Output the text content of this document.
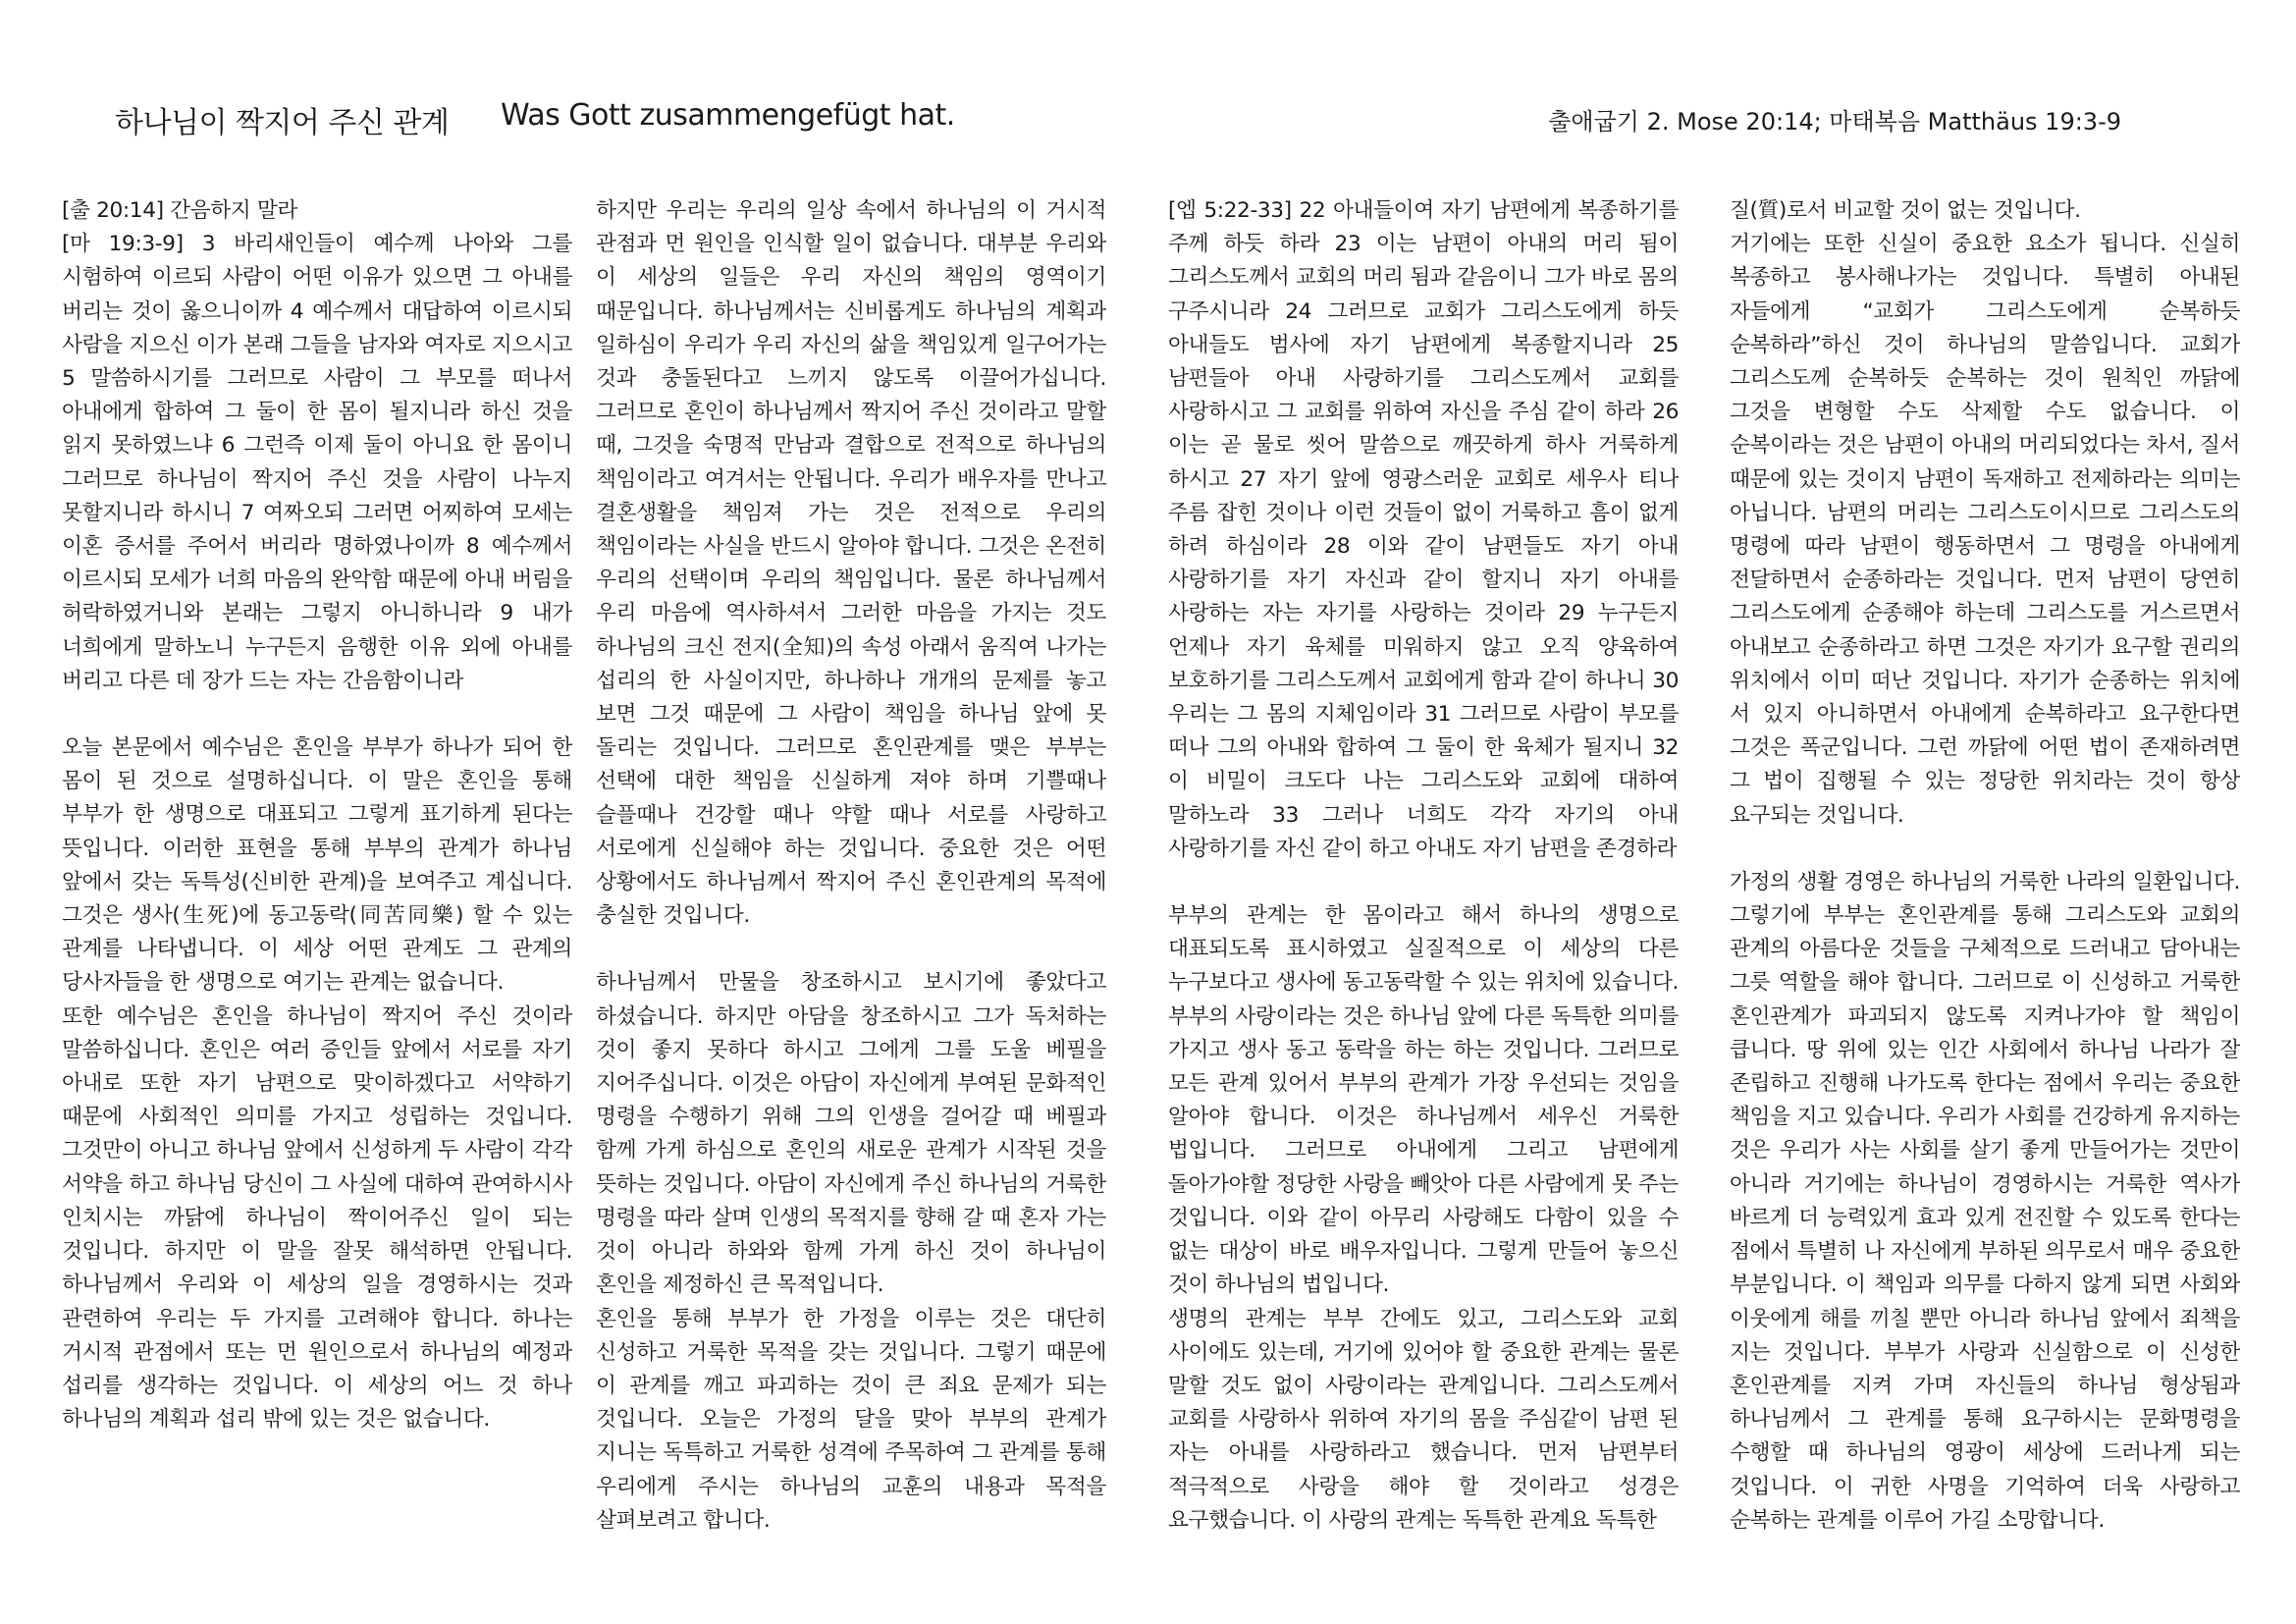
하나님이 짝지어 주신 관계 Was Gott zusammengefügt hat.	출애굽기 2. Mose 20:14; 마태복음 Matthäus 19:3-9

[출 20:14] 간음하지 말라

[마 19:3-9] 3 바리새인들이 예수께 나아와 그를 시험하여 이르되 사람이 어떤 이유가 있으면 그 아내를 버리는 것이 옳으니이까 4 예수께서 대답하여 이르시되 사람을 지으신 이가 본래 그들을 남자와 여자로 지으시고 5 말씀하시기를 그러므로 사람이 그 부모를 떠나서 아내에게 합하여 그 둘이 한 몸이 될지니라 하신 것을 읽지 못하였느냐 6 그런즉 이제 둘이 아니요 한 몸이니 그러므로 하나님이 짝지어 주신 것을 사람이 나누지 못할지니라 하시니 7 여짜오되 그러면 어찌하여 모세는 이혼 증서를 주어서 버리라 명하였나이까 8 예수께서 이르시되 모세가 너희 마음의 완악함 때문에 아내 버림을 허락하였거니와 본래는 그렇지 아니하니라 9 내가 너희에게 말하노니 누구든지 음행한 이유 외에 아내를 버리고 다른 데 장가 드는 자는 간음함이니라

오늘 본문에서 예수님은 혼인을 부부가 하나가 되어 한 몸이 된 것으로 설명하십니다. 이 말은 혼인을 통해 부부가 한 생명으로 대표되고 그렇게 표기하게 된다는 뜻입니다. 이러한 표현을 통해 부부의 관계가 하나님 앞에서 갖는 독특성(신비한 관계)을 보여주고 계십니다. 그것은 생사(生死)에 동고동락(同苦同樂) 할 수 있는 관계를 나타냅니다. 이 세상 어떤 관계도 그 관계의 당사자들을 한 생명으로 여기는 관계는 없습니다.

또한 예수님은 혼인을 하나님이 짝지어 주신 것이라 말씀하십니다. 혼인은 여러 증인들 앞에서 서로를 자기 아내로 또한 자기 남편으로 맞이하겠다고 서약하기 때문에 사회적인 의미를 가지고 성립하는 것입니다. 그것만이 아니고 하나님 앞에서 신성하게 두 사람이 각각 서약을 하고 하나님 당신이 그 사실에 대하여 관여하시사 인치시는 까닭에 하나님이 짝이어주신 일이 되는 것입니다. 하지만 이 말을 잘못 해석하면 안됩니다. 하나님께서 우리와 이 세상의 일을 경영하시는 것과 관련하여 우리는 두 가지를 고려해야 합니다. 하나는 거시적 관점에서 또는 먼 원인으로서 하나님의 예정과 섭리를 생각하는 것입니다. 이 세상의 어느 것 하나 하나님의 계획과 섭리 밖에 있는 것은 없습니다.

하지만 우리는 우리의 일상 속에서 하나님의 이 거시적 관점과 먼 원인을 인식할 일이 없습니다. 대부분 우리와 이 세상의 일들은 우리 자신의 책임의 영역이기 때문입니다. 하나님께서는 신비롭게도 하나님의 계획과 일하심이 우리가 우리 자신의 삶을 책임있게 일구어가는 것과 충돌된다고 느끼지 않도록 이끌어가십니다. 그러므로 혼인이 하나님께서 짝지어 주신 것이라고 말할 때, 그것을 숙명적 만남과 결합으로 전적으로 하나님의 책임이라고 여겨서는 안됩니다. 우리가 배우자를 만나고 결혼생활을 책임져 가는 것은 전적으로 우리의 책임이라는 사실을 반드시 알아야 합니다. 그것은 온전히 우리의 선택이며 우리의 책임입니다. 물론 하나님께서 우리 마음에 역사하셔서 그러한 마음을 가지는 것도 하나님의 크신 전지(全知)의 속성 아래서 움직여 나가는 섭리의 한 사실이지만, 하나하나 개개의 문제를 놓고 보면 그것 때문에 그 사람이 책임을 하나님 앞에 못 돌리는 것입니다. 그러므로 혼인관계를 맺은 부부는 선택에 대한 책임을 신실하게 져야 하며 기쁠때나 슬플때나 건강할 때나 약할 때나 서로를 사랑하고 서로에게 신실해야 하는 것입니다. 중요한 것은 어떤 상황에서도 하나님께서 짝지어 주신 혼인관계의 목적에 충실한 것입니다.

하나님께서 만물을 창조하시고 보시기에 좋았다고 하셨습니다. 하지만 아담을 창조하시고 그가 독처하는 것이 좋지 못하다 하시고 그에게 그를 도울 베필을 지어주십니다. 이것은 아담이 자신에게 부여된 문화적인 명령을 수행하기 위해 그의 인생을 걸어갈 때 베필과 함께 가게 하심으로 혼인의 새로운 관계가 시작된 것을 뜻하는 것입니다. 아담이 자신에게 주신 하나님의 거룩한 명령을 따라 살며 인생의 목적지를 향해 갈 때 혼자 가는 것이 아니라 하와와 함께 가게 하신 것이 하나님이 혼인을 제정하신 큰 목적입니다.

혼인을 통해 부부가 한 가정을 이루는 것은 대단히 신성하고 거룩한 목적을 갖는 것입니다. 그렇기 때문에 이 관계를 깨고 파괴하는 것이 큰 죄요 문제가 되는 것입니다. 오늘은 가정의 달을 맞아 부부의 관계가 지니는 독특하고 거룩한 성격에 주목하여 그 관계를 통해 우리에게 주시는 하나님의 교훈의 내용과 목적을 살펴보려고 합니다.

[엡 5:22-33] 22 아내들이여 자기 남편에게 복종하기를 주께 하듯 하라 23 이는 남편이 아내의 머리 됨이 그리스도께서 교회의 머리 됨과 같음이니 그가 바로 몸의 구주시니라 24 그러므로 교회가 그리스도에게 하듯 아내들도 범사에 자기 남편에게 복종할지니라 25 남편들아 아내 사랑하기를 그리스도께서 교회를 사랑하시고 그 교회를 위하여 자신을 주심 같이 하라 26 이는 곧 물로 씻어 말씀으로 깨끗하게 하사 거룩하게 하시고 27 자기 앞에 영광스러운 교회로 세우사 티나 주름 잡힌 것이나 이런 것들이 없이 거룩하고 흠이 없게 하려 하심이라 28 이와 같이 남편들도 자기 아내 사랑하기를 자기 자신과 같이 할지니 자기 아내를 사랑하는 자는 자기를 사랑하는 것이라 29 누구든지 언제나 자기 육체를 미워하지 않고 오직 양육하여 보호하기를 그리스도께서 교회에게 함과 같이 하나니 30 우리는 그 몸의 지체임이라 31 그러므로 사람이 부모를 떠나 그의 아내와 합하여 그 둘이 한 육체가 될지니 32 이 비밀이 크도다 나는 그리스도와 교회에 대하여 말하노라 33 그러나 너희도 각각 자기의 아내 사랑하기를 자신 같이 하고 아내도 자기 남편을 존경하라

부부의 관계는 한 몸이라고 해서 하나의 생명으로 대표되도록 표시하였고 실질적으로 이 세상의 다른 누구보다고 생사에 동고동락할 수 있는 위치에 있습니다. 부부의 사랑이라는 것은 하나님 앞에 다른 독특한 의미를 가지고 생사 동고 동락을 하는 하는 것입니다. 그러므로 모든 관계 있어서 부부의 관계가 가장 우선되는 것임을 알아야 합니다. 이것은 하나님께서 세우신 거룩한 법입니다. 그러므로 아내에게 그리고 남편에게 돌아가야할 정당한 사랑을 빼앗아 다른 사람에게 못 주는 것입니다. 이와 같이 아무리 사랑해도 다함이 있을 수 없는 대상이 바로 배우자입니다. 그렇게 만들어 놓으신 것이 하나님의 법입니다.

생명의 관계는 부부 간에도 있고, 그리스도와 교회 사이에도 있는데, 거기에 있어야 할 중요한 관계는 물론 말할 것도 없이 사랑이라는 관계입니다. 그리스도께서 교회를 사랑하사 위하여 자기의 몸을 주심같이 남편 된 자는 아내를 사랑하라고 했습니다. 먼저 남편부터 적극적으로 사랑을 해야 할 것이라고 성경은 요구했습니다. 이 사랑의 관계는 독특한 관계요 독특한

질(質)로서 비교할 것이 없는 것입니다.

거기에는 또한 신실이 중요한 요소가 됩니다. 신실히 복종하고 봉사해나가는 것입니다. 특별히 아내된 자들에게 “교회가 그리스도에게 순복하듯 순복하라”하신 것이 하나님의 말씀입니다. 교회가 그리스도께 순복하듯 순복하는 것이 원칙인 까닭에 그것을 변형할 수도 삭제할 수도 없습니다. 이 순복이라는 것은 남편이 아내의 머리되었다는 차서, 질서 때문에 있는 것이지 남편이 독재하고 전제하라는 의미는 아닙니다. 남편의 머리는 그리스도이시므로 그리스도의 명령에 따라 남편이 행동하면서 그 명령을 아내에게 전달하면서 순종하라는 것입니다. 먼저 남편이 당연히 그리스도에게 순종해야 하는데 그리스도를 거스르면서 아내보고 순종하라고 하면 그것은 자기가 요구할 권리의 위치에서 이미 떠난 것입니다. 자기가 순종하는 위치에 서 있지 아니하면서 아내에게 순복하라고 요구한다면 그것은 폭군입니다. 그런 까닭에 어떤 법이 존재하려면 그 법이 집행될 수 있는 정당한 위치라는 것이 항상 요구되는 것입니다.

가정의 생활 경영은 하나님의 거룩한 나라의 일환입니다. 그렇기에 부부는 혼인관계를 통해 그리스도와 교회의 관계의 아름다운 것들을 구체적으로 드러내고 담아내는 그릇 역할을 해야 합니다. 그러므로 이 신성하고 거룩한 혼인관계가 파괴되지 않도록 지켜나가야 할 책임이 큽니다. 땅 위에 있는 인간 사회에서 하나님 나라가 잘 존립하고 진행해 나가도록 한다는 점에서 우리는 중요한 책임을 지고 있습니다. 우리가 사회를 건강하게 유지하는 것은 우리가 사는 사회를 살기 좋게 만들어가는 것만이 아니라 거기에는 하나님이 경영하시는 거룩한 역사가 바르게 더 능력있게 효과 있게 전진할 수 있도록 한다는 점에서 특별히 나 자신에게 부하된 의무로서 매우 중요한 부분입니다. 이 책임과 의무를 다하지 않게 되면 사회와 이웃에게 해를 끼칠 뿐만 아니라 하나님 앞에서 죄책을 지는 것입니다. 부부가 사랑과 신실함으로 이 신성한 혼인관계를 지켜 가며 자신들의 하나님 형상됨과 하나님께서 그 관계를 통해 요구하시는 문화명령을 수행할 때 하나님의 영광이 세상에 드러나게 되는 것입니다. 이 귀한 사명을 기억하여 더욱 사랑하고 순복하는 관계를 이루어 가길 소망합니다.
